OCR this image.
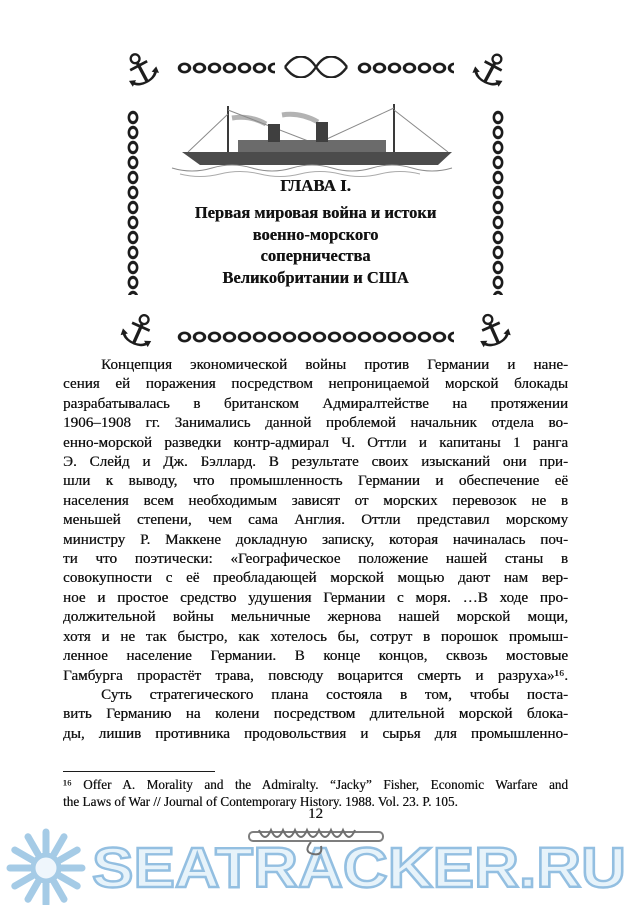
⚓	⚓
⚓	⚓
ГЛАВА I.
Первая мировая война и истоки
военно-морского
соперничества
Великобритании и США
Концепция экономической войны против Германии и нане-
сения ей поражения посредством непроницаемой морской блокады
разрабатывалась в британском Адмиралтействе на протяжении
1906–1908 гг. Занимались данной проблемой начальник отдела во-
енно-морской разведки контр-адмирал Ч. Оттли и капитаны 1 ранга
Э. Слейд и Дж. Бэллард. В результате своих изысканий они при-
шли к выводу, что промышленность Германии и обеспечение её
населения всем необходимым зависят от морских перевозок не в
меньшей степени, чем сама Англия. Оттли представил морскому
министру Р. Маккене докладную записку, которая начиналась поч-
ти что поэтически: «Географическое положение нашей станы в
совокупности с её преобладающей морской мощью дают нам вер-
ное и простое средство удушения Германии с моря. …В ходе про-
должительной войны мельничные жернова нашей морской мощи,
хотя и не так быстро, как хотелось бы, сотрут в порошок промыш-
ленное население Германии. В конце концов, сквозь мостовые
Гамбурга прорастёт трава, повсюду воцарится смерть и разруха»¹⁶.
Суть стратегического плана состояла в том, чтобы поста-
вить Германию на колени посредством длительной морской блока-
ды, лишив противника продовольствия и сырья для промышленно-
¹⁶ Offer A. Morality and the Admiralty. “Jacky” Fisher, Economic Warfare and
the Laws of War // Journal of Contemporary History. 1988. Vol. 23. P. 105.
12
SEATRACKER.RU
